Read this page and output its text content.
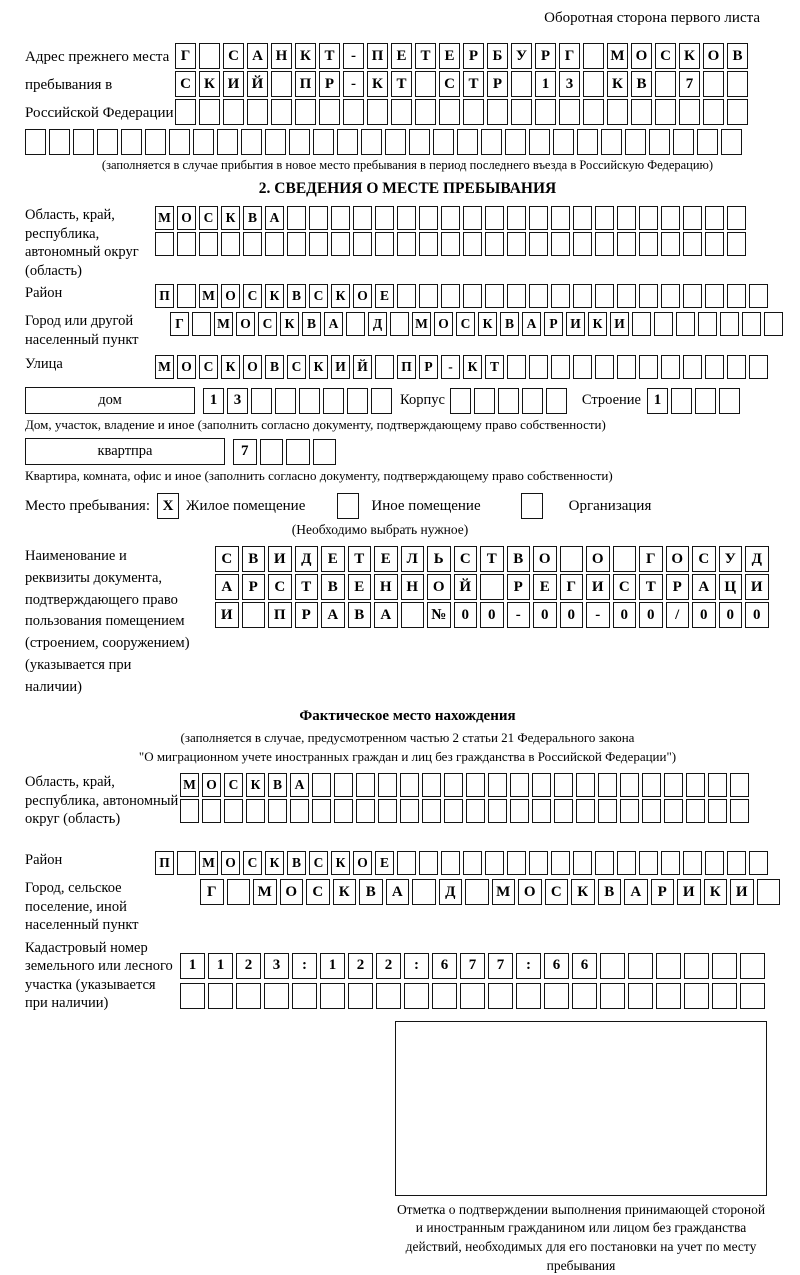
Оборотная сторона первого листа
Адрес прежнего места пребывания в Российской Федерации
Г	С А Н К Т	-	П Е Т Е Р Б У Р Г	М О С К О В
С К И Й	П Р	-	К Т	С Т Р	1	3	К В	7
(заполняется в случае прибытия в новое место пребывания в период последнего въезда в Российскую Федерацию)
2. СВЕДЕНИЯ О МЕСТЕ ПРЕБЫВАНИЯ
Область, край, республика, автономный округ (область)
М О С К В А
Район	П	М О С К В С К О Е
Город или другой населенный пункт
Г	М О С К В А	Д	М О С К В А Р И К И
Улица	М О С К О В С К И Й	П Р	-	К Т
дом	1	3	Корпус	Строение 1
Дом, участок, владение и иное (заполнить согласно документу, подтверждающему право собственности)
квартпра	7
Квартира, комната, офис и иное (заполнить согласно документу, подтверждающему право собственности)
Место пребывания: X Жилое помещение	Иное помещение	Организация
(Необходимо выбрать нужное)
Наименование и реквизиты документа, подтверждающего право пользования помещением (строением, сооружением) (указывается при наличии)
С	В	И	Д	Е	Т	Е	Л	Ь	С	Т	В	О	О	Г	О	С	У	Д
А	Р	С	Т	В	Е	Н Н О Й	Р	Е	Г	И	С	Т	Р	А	Ц И
И	П	Р	А	В	А	№	0	0	-	0	0	-	0	0	/	0	0	0
Фактическое место нахождения
(заполняется в случае, предусмотренном частью 2 статьи 21 Федерального закона
"О миграционном учете иностранных граждан и лиц без гражданства в Российской Федерации")
Область, край, республика, автономный округ (область)
М О С К В А
Район	П	М О С К В С К О Е
Город, сельское поселение, иной населенный пункт
Г	М О	С	К	В	А	Д	М О	С	К	В	А	Р	И	К	И
Кадастровый номер земельного или лесного участка (указывается при наличии)
1	1	2	3	:	1	2	2	:	6	7	7	:	6	6
Отметка о подтверждении выполнения принимающей стороной и иностранным гражданином или лицом без гражданства действий, необходимых для его постановки на учет по месту пребывания
